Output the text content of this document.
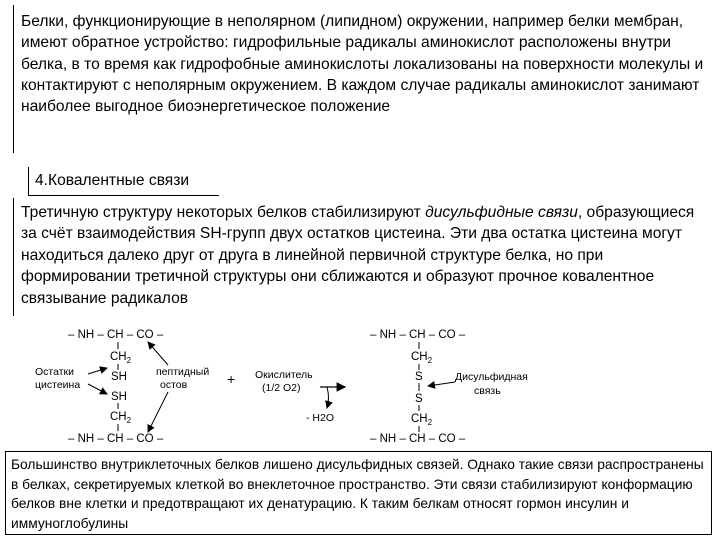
Белки, функционирующие в неполярном (липидном) окружении, например белки мембран, имеют обратное устройство: гидрофильные радикалы аминокислот расположены внутри белка, в то время как гидрофобные аминокислоты локализованы на поверхности молекулы и контактируют с неполярным окружением. В каждом случае радикалы аминокислот занимают наиболее выгодное биоэнергетическое положение

4.Ковалентные связи

Третичную структуру некоторых белков стабилизируют дисульфидные связи, образующиеся за счёт взаимодействия SH-групп двух остатков цистеина. Эти два остатка цистеина могут находиться далеко друг от друга в линейной первичной структуре белка, но при формировании третичной структуры они сближаются и образуют прочное ковалентное связывание радикалов

– NH – CH – CO –
$CH_2$
SH
SH
$CH_2$
– NH – CH – CO –
Остатки
цистеина
пептидный
остов	+ Окислитель
(1/2 O2)
- H2O
– NH – CH – CO –
$CH_2$
S
S
$CH_2$
– NH – CH – CO –
Дисульфидная
связь

Большинство внутриклеточных белков лишено дисульфидных связей. Однако такие связи распространены в белках, секретируемых клеткой во внеклеточное пространство. Эти связи стабилизируют конформацию белков вне клетки и предотвращают их денатурацию. К таким белкам относят гормон инсулин и иммуноглобулины
